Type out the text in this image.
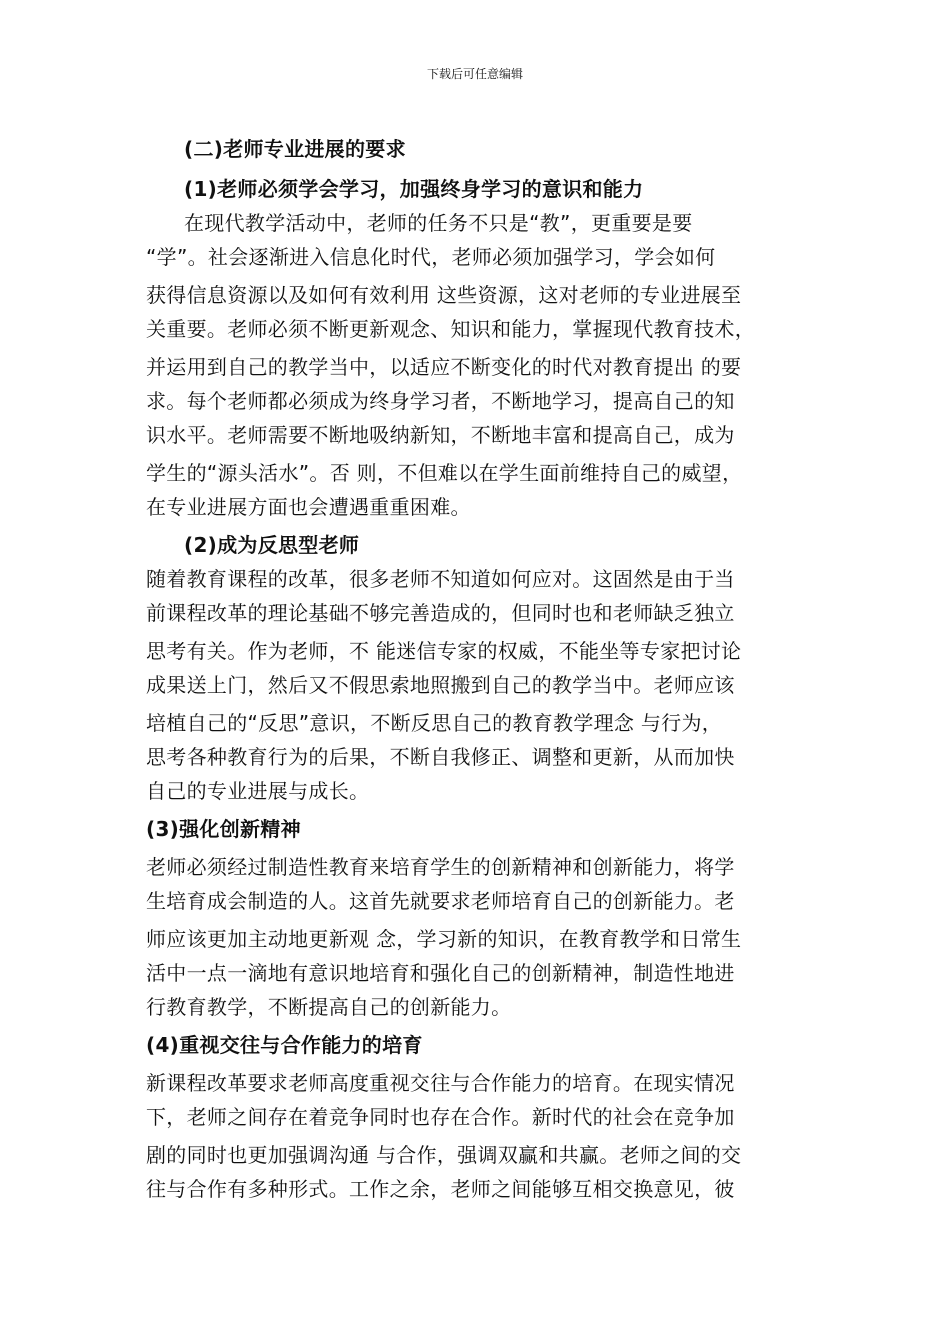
下载后可任意编辑
(二)老师专业进展的要求
(1)老师必须学会学习，加强终身学习的意识和能力
在现代教学活动中，老师的任务不只是“教”，更重要是要
“学”。社会逐渐进入信息化时代，老师必须加强学习，学会如何
获得信息资源以及如何有效利用 这些资源，这对老师的专业进展至
关重要。老师必须不断更新观念、知识和能力，掌握现代教育技术，
并运用到自己的教学当中，以适应不断变化的时代对教育提出 的要
求。每个老师都必须成为终身学习者，不断地学习，提高自己的知
识水平。老师需要不断地吸纳新知，不断地丰富和提高自己，成为
学生的“源头活水”。否 则，不但难以在学生面前维持自己的威望，
在专业进展方面也会遭遇重重困难。
(2)成为反思型老师
随着教育课程的改革，很多老师不知道如何应对。这固然是由于当
前课程改革的理论基础不够完善造成的，但同时也和老师缺乏独立
思考有关。作为老师，不 能迷信专家的权威，不能坐等专家把讨论
成果送上门，然后又不假思索地照搬到自己的教学当中。老师应该
培植自己的“反思”意识，不断反思自己的教育教学理念 与行为，
思考各种教育行为的后果，不断自我修正、调整和更新，从而加快
自己的专业进展与成长。
(3)强化创新精神
老师必须经过制造性教育来培育学生的创新精神和创新能力，将学
生培育成会制造的人。这首先就要求老师培育自己的创新能力。老
师应该更加主动地更新观 念，学习新的知识，在教育教学和日常生
活中一点一滴地有意识地培育和强化自己的创新精神，制造性地进
行教育教学，不断提高自己的创新能力。
(4)重视交往与合作能力的培育
新课程改革要求老师高度重视交往与合作能力的培育。在现实情况
下，老师之间存在着竞争同时也存在合作。新时代的社会在竞争加
剧的同时也更加强调沟通 与合作，强调双赢和共赢。老师之间的交
往与合作有多种形式。工作之余，老师之间能够互相交换意见，彼
